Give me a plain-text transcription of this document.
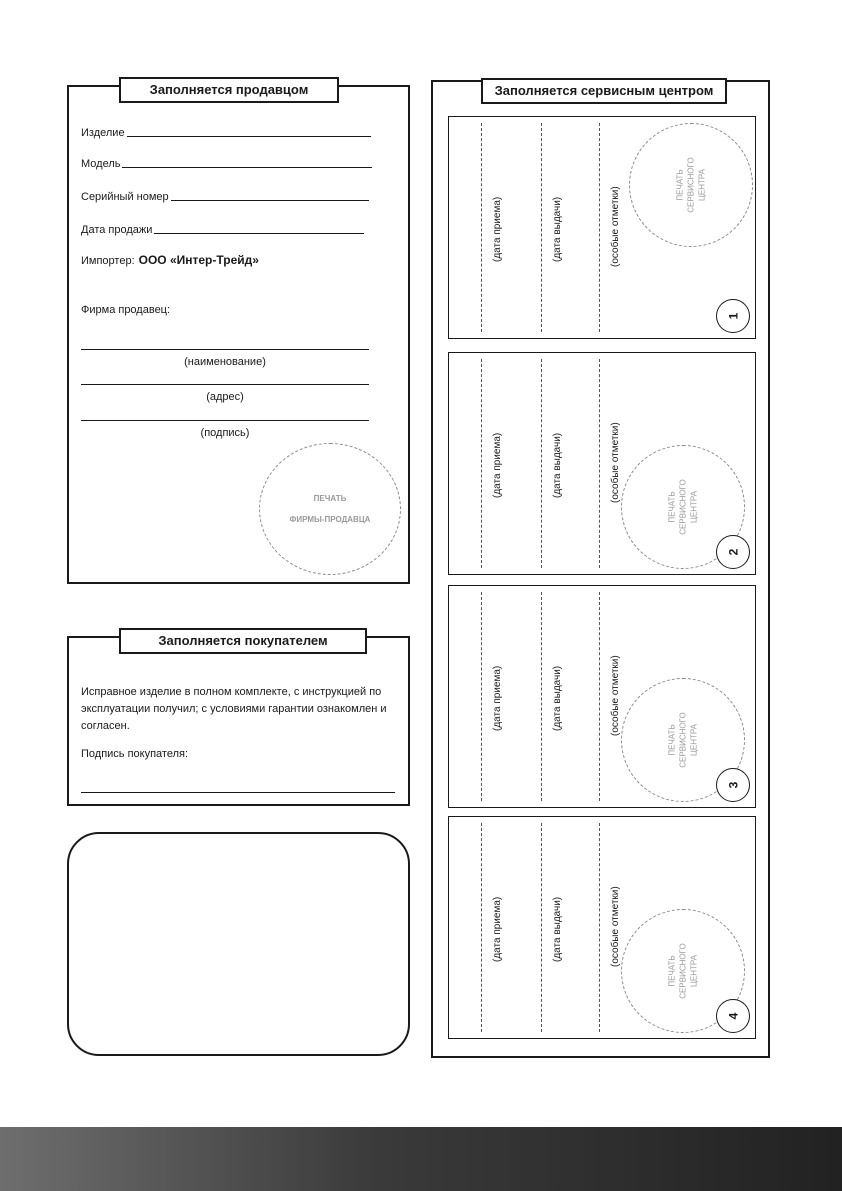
Заполняется продавцом
Изделие
Модель
Серийный номер
Дата продажи
Импортер: ООО «Интер-Трейд»
Фирма продавец:
(наименование)
(адрес)
(подпись)
ПЕЧАТЬ
ФИРМЫ-ПРОДАВЦА
Заполняется покупателем
Исправное изделие в полном комплекте, с инструкцией по эксплуатации получил; с условиями гарантии ознакомлен и согласен.
Подпись покупателя:
Заполняется сервисным центром
(дата приема)	(дата выдачи)	(особые отметки)
ПЕЧАТЬ СЕРВИСНОГО ЦЕНТРА
1
(дата приема)	(дата выдачи)	(особые отметки)
ПЕЧАТЬ СЕРВИСНОГО ЦЕНТРА
2
(дата приема)	(дата выдачи)	(особые отметки)
ПЕЧАТЬ СЕРВИСНОГО ЦЕНТРА
3
(дата приема)	(дата выдачи)	(особые отметки)
ПЕЧАТЬ СЕРВИСНОГО ЦЕНТРА
4
